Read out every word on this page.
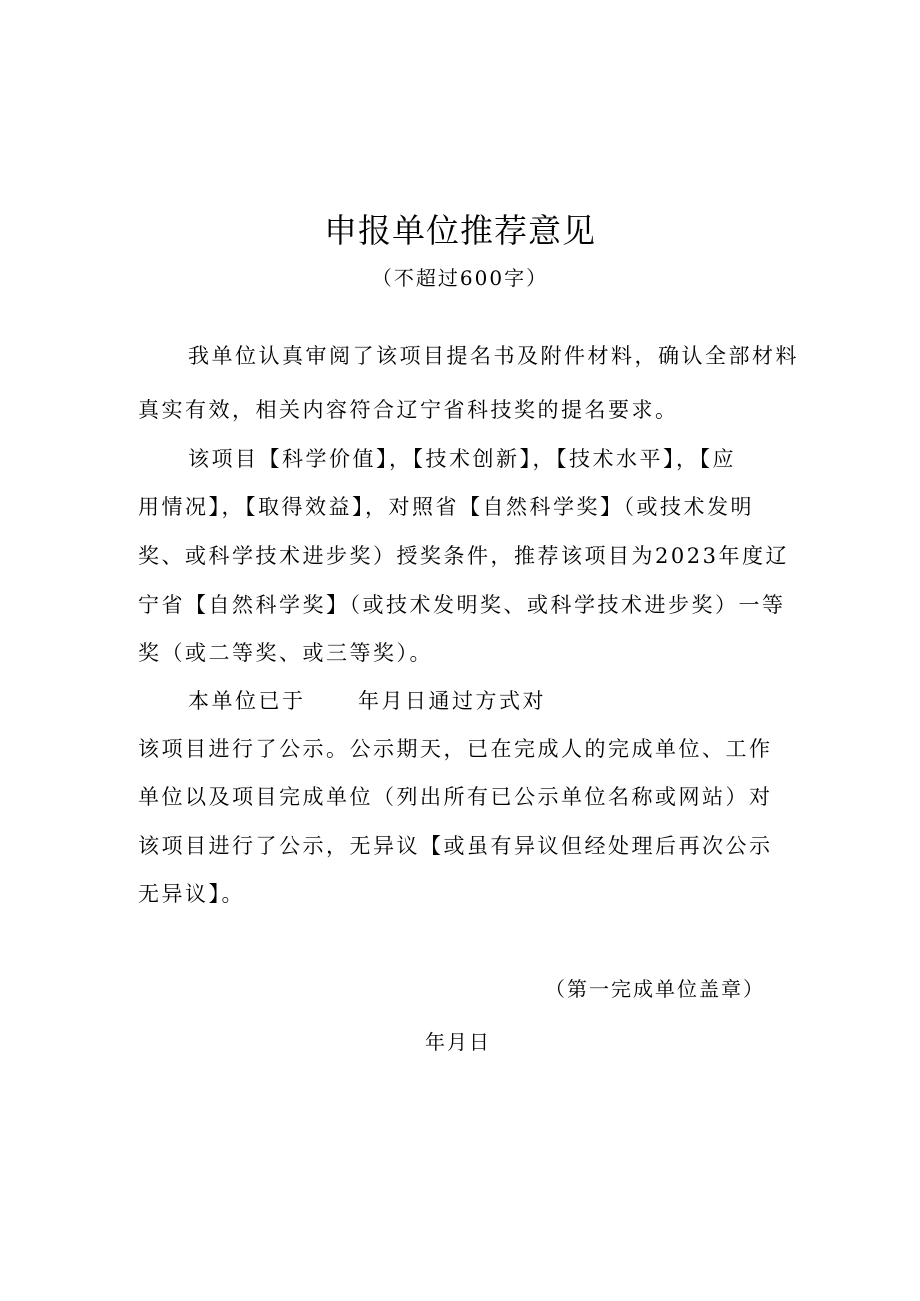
申报单位推荐意见
（不超过600字）
我单位认真审阅了该项目提名书及附件材料，确认全部材料
真实有效，相关内容符合辽宁省科技奖的提名要求。
该项目【科学价值】，【技术创新】，【技术水平】，【应
用情况】，【取得效益】，对照省【自然科学奖】（或技术发明
奖、或科学技术进步奖）授奖条件，推荐该项目为2023年度辽
宁省【自然科学奖】（或技术发明奖、或科学技术进步奖）一等
奖（或二等奖、或三等奖）。
本单位已于	年月日通过方式对
该项目进行了公示。公示期天，已在完成人的完成单位、工作
单位以及项目完成单位（列出所有已公示单位名称或网站）对
该项目进行了公示，无异议【或虽有异议但经处理后再次公示
无异议】。
（第一完成单位盖章）
年月日
